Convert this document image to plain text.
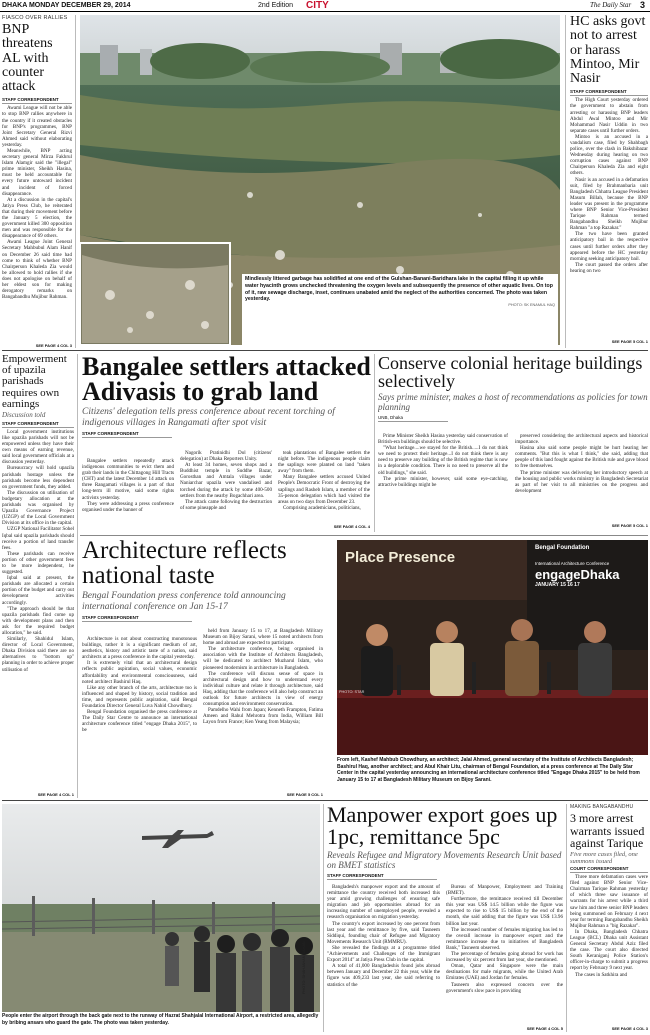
DHAKA MONDAY DECEMBER 29, 2014	2nd Edition CITY	The Daily Star 3
FIASCO OVER RALLIES
BNP threatens AL with counter attack
STAFF CORRESPONDENT

Awami League will not be able to stop BNP rallies anywhere in the country if it created obstacles for BNP's programmes, BNP Joint Secretary General Rizvi Ahmed said without elaborating yesterday.

Meanwhile, BNP acting secretary general Mirza Fakhrul Islam Alamgir said the "illegal" prime minister, Sheikh Hasina, must be held accountable for every future untoward incident and incident of forced disappearance.

At a discussion in the capital's Jatiya Press Club, he reiterated that during their movement before the January 5 election, the government killed 300 opposition men and was responsible for the disappearance of 69 others.

Awami League Joint General Secretary Mahbubul Alam Hanif on December 26 said time had come to think of whether BNP Chairperson Khaleda Zia would be allowed to hold rallies if she does not apologise on behalf of her eldest son for making derogatory remarks on Bangabandhu Mujibur Rahman.

SEE PAGE 4 COL 3
Mindlessly littered garbage has solidified at one end of the Gulshan-Banani-Baridhara lake in the capital filling it up while water hyacinth grows unchecked threatening the oxygen levels and subsequently the presence of other aquatic lives. On top of it, raw sewage discharge, inset, continues unabated amid the neglect of the authorities concerned. The photo was taken yesterday.
PHOTO: SK ENAMUL HAQ
HC asks govt not to arrest or harass Mintoo, Mir Nasir
STAFF CORRESPONDENT

The High Court yesterday ordered the government to abstain from arresting or harassing BNP leaders Abdul Awal Mintoo and Mir Mohammad Nasir Uddin in two separate cases until further orders.

Mintoo is an accused in a vandalism case, filed by Shahbagh police, over the clash in Bakshibazar Wednesday during hearing on two corruption cases against BNP Chairperson Khaleda Zia and eight others.

Nasir is an accused in a defamation suit, filed by Brahmanbaria unit Bangladesh Chhatra League President Masum Billah, because the BNP leader was present in the programme where BNP Senior Vice-President Tarique Rahman termed Bangabandhu Sheikh Mujibur Rahman "a top Razakar."

The two have been granted anticipatory bail in the respective cases until further orders after they appeared before the HC yesterday morning seeking anticipatory bail.

The court passed the orders after hearing on two

SEE PAGE 5 COL 1
Empowerment of upazila parishads requires own earnings
Discussion told
STAFF CORRESPONDENT

Local government institutions like upazila parishads will not be empowered unless they have their own means of earning revenue, said local government officials at a discussion yesterday.

Bureaucracy will hold upazila parishads hostage unless the parishads become less dependent on government funds, they added.

The discussion on utilisation of budgetary allocation at the parishads was organised by Upazila Governance Project (UZGP) of the Local Government Division at its office in the capital.

UZGP National Facilitator Sohel Iqbal said upazila parishads should receive a portion of land transfer fees.

These parishads can receive portion of other government fees to be more independent, he suggested.

Iqbal said at present, the parishads are allocated a certain portion of the budget and carry out development activities accordingly.

"The approach should be that upazila parishads find come up with development plans and then ask for the required budget allocation," he said.

Similarly, Shahidul Islam, director of Local Government, Dhaka Division said there are no alternatives to "bottom up" planning in order to achieve proper utilisation of

SEE PAGE 4 COL 1
Bangalee settlers attacked Adivasis to grab land
Citizens' delegation tells press conference about recent torching of indigenous villages in Rangamati after spot visit
STAFF CORRESPONDENT

Bangalee settlers repeatedly attack indigenous communities to evict them and grab their lands in the Chittagong Hill Tracts (CHT) and the latest December 14 attack on three Rangamati villages is a part of that long-term ill motive, said some rights activists yesterday.

They were addressing a press conference organised under the banner of

Nagorik Pratinidhi Dol (citizens' delegation) at Dhaka Reporters Unity.

At least 34 homes, seven shops and a Buddhist temple in Suddhe Bazar, Gorosthan and Amtala villages under Naniarchar upazila were vandalised and torched during the attack by some 400-500 settlers from the nearby Bogachhari area.

The attack came following the destruction of some pineapple and

teak plantations of Bangalee settlers the night before. The indigenous people claim the saplings were planted on land "taken away" from them.

Many Bangalee settlers accused United People's Democratic Front of destroying the saplings and Rasheb Islam, a member of the 35-person delegation which had visited the areas on two days from December 23.

Comprising academicians, politicians,

SEE PAGE 4 COL 4
Conserve colonial heritage buildings selectively
Says prime minister, makes a host of recommendations as policies for town planning
UNB, Dhaka

Prime Minister Sheikh Hasina yesterday said conservation of British-era buildings should be selective.

"What heritage....we stayed for the British.....I do not think we need to protect their heritage...I do not think there is any need to preserve any building of the British regime that is now in a deplorable condition. There is no need to preserve all the old buildings," she said.

The prime minister, however, said some eye-catching, attractive buildings might be

preserved considering the architectural aspects and historical importance.

Hasina also said some people might be hurt hearing her comments. "But this is what I think," she said, adding that people of this land fought against the British rule and gave blood to free themselves.

The prime minister was delivering her introductory speech at the housing and public works ministry in Bangladesh Secretariat as part of her visit to all ministries on the progress and development

SEE PAGE 5 COL 1
Architecture reflects national taste
Bengal Foundation press conference told announcing international conference on Jan 15-17
STAFF CORRESPONDENT

Architecture is not about constructing monotonous buildings, rather it is a significant medium of art, aesthetics, history and artistic taste of a nation, said architects at a press conference in the capital yesterday.

It is extremely vital that an architectural design reflects public aspiration, social values, economic affordability and environmental consciousness, said noted architect Bashirul Haq.

Like any other branch of the arts, architecture too is influenced and shaped by history, social tradition and time, and represents public aspiration, said Bengal Foundation Director General Luva Nahid Chowdhury.

Bengal Foundation organised the press conference at The Daily Star Centre to announce an international architecture conference titled "engage Dhaka 2015", to be

held from January 15 to 17, at Bangladesh Military Museum on Bijoy Sarani, where 15 noted architects from home and abroad are expected to participate.

The architecture conference, being organised in association with the Institute of Architects Bangladesh, will be dedicated to architect Muzharul Islam, who pioneered modernism in architecture in Bangladesh.

The conference will discuss sense of space in architectural design and how to understand every individual culture and relate it through architecture, said Haq, adding that the conference will also help construct an outlook for future architects in view of energy consumption and environment conservation.

Pamdelho Wahi from Japan; Kenneth Frampton, Fatima Ameen and Rahul Mehrotra from India, William Bill Layon from France; Ken Yeang from Malaysia;

SEE PAGE 5 COL 1
Place Presence
Bengal Foundation
International Architecture Conference
engageDhaka
JANUARY 15 16 17
PHOTO: STAR
From left, Kashef Mahbub Chowdhury, an architect; Jalal Ahmed, general secretary of the Institute of Architects Bangladesh; Bashirul Haq, another architect; and Abul Khair Litu, chairman of Bengal Foundation, at a press conference at The Daily Star Center in the capital yesterday announcing an international architecture conference titled "Engage Dhaka 2015" to be held from January 15 to 17 at Bangladesh Military Museum on Bijoy Sarani.
PHOTO: SHAHJAHAN SAHAN
People enter the airport through the back gate next to the runway of Hazrat Shahjalal International Airport, a restricted area, allegedly by bribing ansars who guard the gate. The photo was taken yesterday.
Manpower export goes up 1pc, remittance 5pc
Reveals Refugee and Migratory Movements Research Unit based on BMET statistics
STAFF CORRESPONDENT

Bangladesh's manpower export and the amount of remittance the country received both increased this year amid growing challenges of ensuring safe migration and job opportunities abroad for an increasing number of unemployed people, revealed a research organisation on migration yesterday.

The country's export increased by one percent from last year and the remittance by five, said Tasneem Siddiqui, founding chair of Refugee and Migratory Movements Research Unit (RMMRU).

She revealed the findings at a programme titled "Achievements and Challenges of the Immigrant Export 2014" at Jatiya Press Club in the capital.

A total of 41,000 Bangladeshis found jobs abroad between January and December 22 this year, while the figure was 409,233 last year, she said referring to statistics of the

Bureau of Manpower, Employment and Training (BMET).

Furthermore, the remittance received till December this year was US$ 14.5 billion while the figure was expected to rise to US$ 15 billion by the end of the month, she said adding that the figure was US$ 13.96 billion last year.

The increased number of females migrating has led to the overall increase in manpower export and the remittance increase due to initiatives of Bangladesh Bank," Tasneem observed.

The percentage of females going abroad for work has increased by six percent from last year, she mentioned.

Oman, Qatar and Singapore were the main destinations for male migrants, while the United Arab Emirates (UAE) and Jordan for females.

Tasneem also expressed concern over the government's slow pace in providing

SEE PAGE 4 COL 5
MAKING BANGABANDHU
3 more arrest warrants issued against Tarique
Five more cases filed, one summons issued
COURT CORRESPONDENT

Three more defamation cases were filed against BNP Senior Vice-Chairman Tarique Rahman yesterday of which three saw issuance of warrants for his arrest while a third saw him and three senior BNP leaders being summoned on February 4 next year for terming Bangabandhu Sheikh Mujibur Rahman a "big Razakar".

In Dhaka, Bangladesh Chhatra League (BCL) Dhaka unit Assistant General Secretary Abdul Aziz filed the case. The court also directed South Keraniganj Police Station's officer-in-charge to submit a progress report by February 9 next year.

The cases in Satkhira and

SEE PAGE 4 COL 3
